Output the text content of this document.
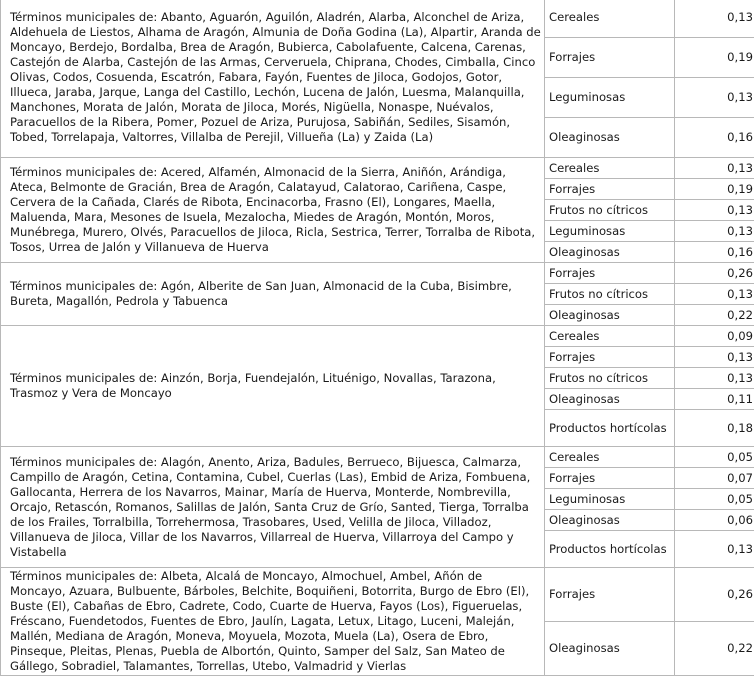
Términos municipales de: Abanto, Aguarón, Aguilón, Aladrén, Alarba, Alconchel de Ariza, Aldehuela de Liestos, Alhama de Aragón, Almunia de Doña Godina (La), Alpartir, Aranda de Moncayo, Berdejo, Bordalba, Brea de Aragón, Bubierca, Cabolafuente, Calcena, Carenas, Castejón de Alarba, Castejón de las Armas, Cerveruela, Chiprana, Chodes, Cimballa, Cinco Olivas, Codos, Cosuenda, Escatrón, Fabara, Fayón, Fuentes de Jiloca, Godojos, Gotor, Illueca, Jaraba, Jarque, Langa del Castillo, Lechón, Lucena de Jalón, Luesma, Malanquilla, Manchones, Morata de Jalón, Morata de Jiloca, Morés, Nigüella, Nonaspe, Nuévalos, Paracuellos de la Ribera, Pomer, Pozuel de Ariza, Purujosa, Sabiñán, Sediles, Sisamón, Tobed, Torrelapaja, Valtorres, Villalba de Perejil, Villueña (La) y Zaida (La)	Cereales	0,13
	Forrajes	0,19
	Leguminosas	0,13
	Oleaginosas	0,16
Términos municipales de: Acered, Alfamén, Almonacid de la Sierra, Aniñón, Arándiga, Ateca, Belmonte de Gracián, Brea de Aragón, Calatayud, Calatorao, Cariñena, Caspe, Cervera de la Cañada, Clarés de Ribota, Encinacorba, Frasno (El), Longares, Maella, Maluenda, Mara, Mesones de Isuela, Mezalocha, Miedes de Aragón, Montón, Moros, Munébrega, Murero, Olvés, Paracuellos de Jiloca, Ricla, Sestrica, Terrer, Torralba de Ribota, Tosos, Urrea de Jalón y Villanueva de Huerva	Cereales	0,13
	Forrajes	0,19
	Frutos no cítricos	0,13
	Leguminosas	0,13
	Oleaginosas	0,16
Términos municipales de: Agón, Alberite de San Juan, Almonacid de la Cuba, Bisimbre, Bureta, Magallón, Pedrola y Tabuenca	Forrajes	0,26
	Frutos no cítricos	0,13
	Oleaginosas	0,22
Términos municipales de: Ainzón, Borja, Fuendejalón, Lituénigo, Novallas, Tarazona, Trasmoz y Vera de Moncayo	Cereales	0,09
	Forrajes	0,13
	Frutos no cítricos	0,13
	Oleaginosas	0,11
	Productos hortícolas	0,18
Términos municipales de: Alagón, Anento, Ariza, Badules, Berrueco, Bijuesca, Calmarza, Campillo de Aragón, Cetina, Contamina, Cubel, Cuerlas (Las), Embid de Ariza, Fombuena, Gallocanta, Herrera de los Navarros, Mainar, María de Huerva, Monterde, Nombrevilla, Orcajo, Retascón, Romanos, Salillas de Jalón, Santa Cruz de Grío, Santed, Tierga, Torralba de los Frailes, Torralbilla, Torrehermosa, Trasobares, Used, Velilla de Jiloca, Villadoz, Villanueva de Jiloca, Villar de los Navarros, Villarreal de Huerva, Villarroya del Campo y Vistabella	Cereales	0,05
	Forrajes	0,07
	Leguminosas	0,05
	Oleaginosas	0,06
	Productos hortícolas	0,13
Términos municipales de: Albeta, Alcalá de Moncayo, Almochuel, Ambel, Añón de Moncayo, Azuara, Bulbuente, Bárboles, Belchite, Boquiñeni, Botorrita, Burgo de Ebro (El), Buste (El), Cabañas de Ebro, Cadrete, Codo, Cuarte de Huerva, Fayos (Los), Figueruelas, Fréscano, Fuendetodos, Fuentes de Ebro, Jaulín, Lagata, Letux, Litago, Luceni, Maleján, Mallén, Mediana de Aragón, Moneva, Moyuela, Mozota, Muela (La), Osera de Ebro, Pinseque, Pleitas, Plenas, Puebla de Albortón, Quinto, Samper del Salz, San Mateo de Gállego, Sobradiel, Talamantes, Torrellas, Utebo, Valmadrid y Vierlas	Forrajes	0,26
	Oleaginosas	0,22
